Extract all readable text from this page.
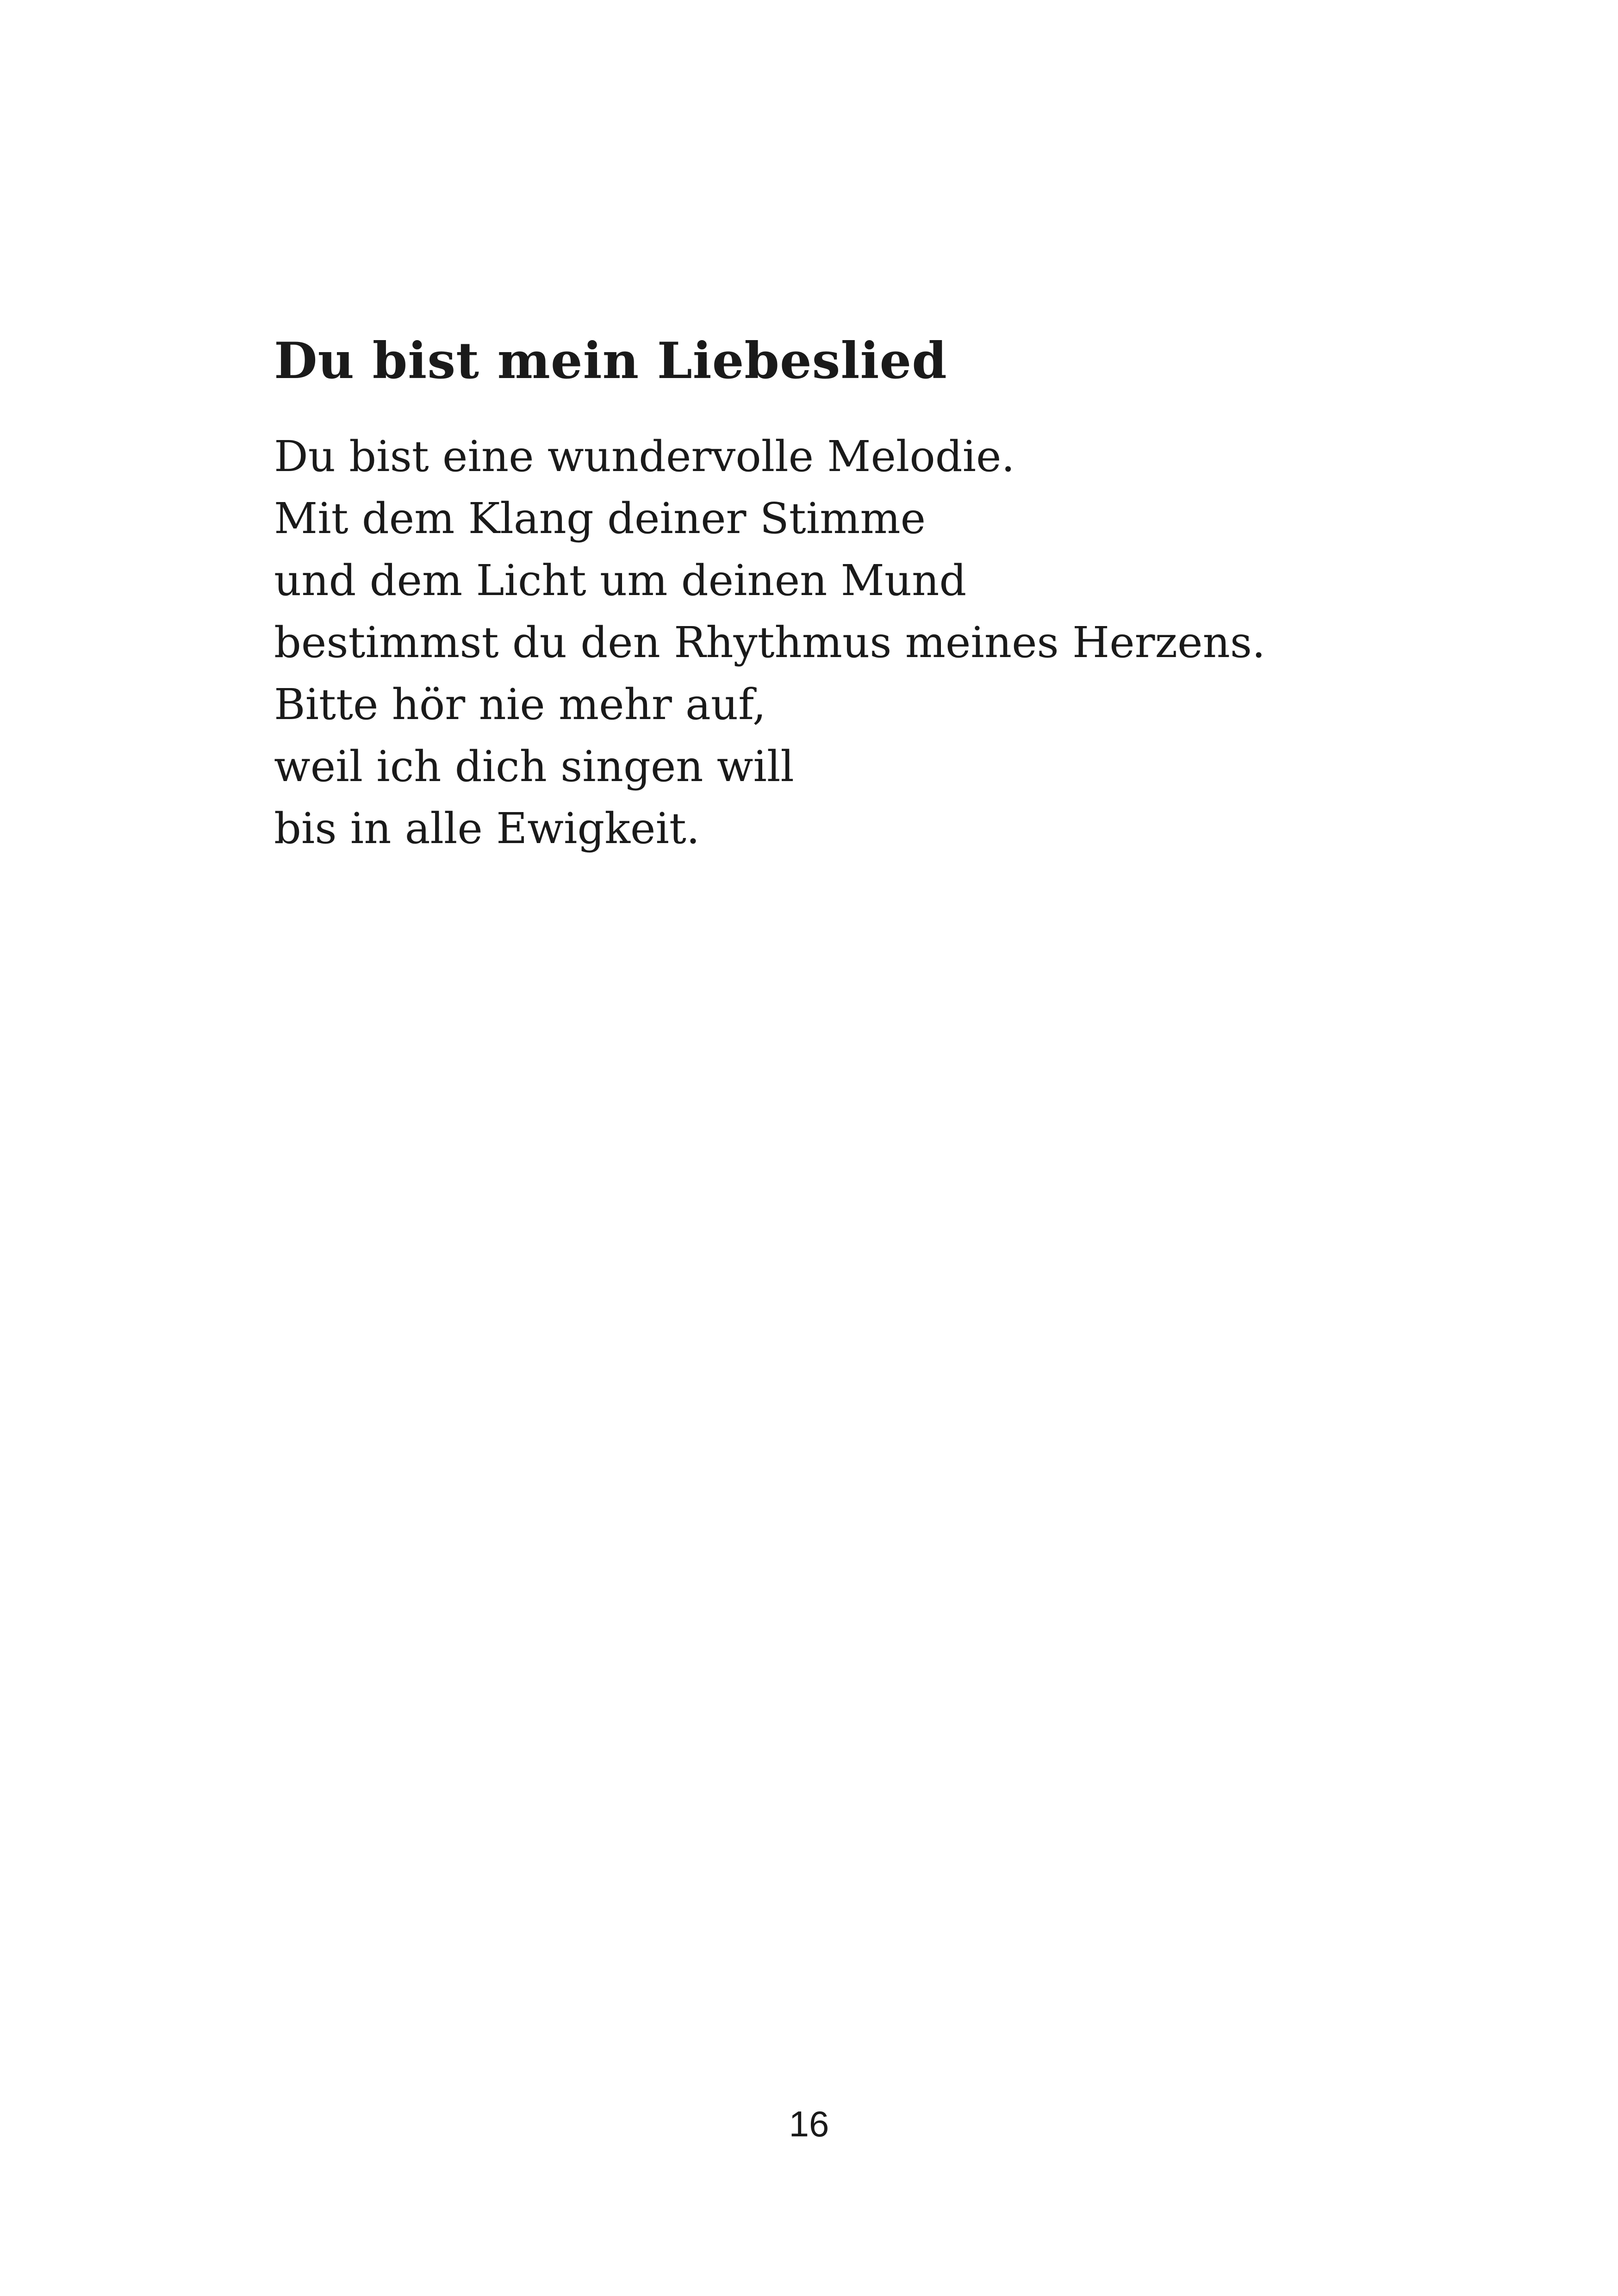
Du bist mein Liebeslied
Du bist eine wundervolle Melodie.
Mit dem Klang deiner Stimme
und dem Licht um deinen Mund
bestimmst du den Rhythmus meines Herzens.
Bitte hör nie mehr auf,
weil ich dich singen will
bis in alle Ewigkeit.
16
